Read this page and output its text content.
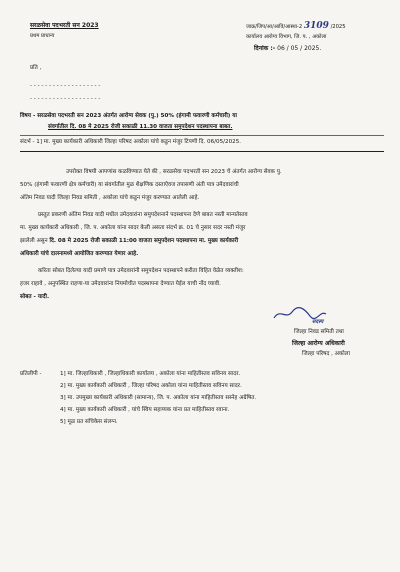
सरळसेवा पदभरती सन 2023
प्रथम प्राधान्य
जाक्र/जिप/आ/आवि/आस्था-2 3109 /2025
कार्यालय आरोग्य विभाग, जि. प. , अकोला
दिनांक :- 06 / 05 / 2025.
प्रति ,
- - - - - - - - - - - - - - - - - - -
- - - - - - - - - - - - - - - - - - -
विषय - सरळसेवा पदभरती सन 2023 अंतर्गत आरोग्य सेवक (पु.) 50% (हंगामी फवारणी कर्मचारी) या
संवर्गातील दि. 08 मे 2025 रोजी सकाळी 11.30 वाजता समुपदेशन पदस्थापना बाबत.
संदर्भ - 1] मा. मुख्य कार्यकारी अधिकारी जिल्हा परिषद अकोला यांचे कडुन मंजुर टिपणी दि. 06/05/2025.
उपरोक्त विषयी आपणांस कळविण्यात येते की , सरळसेवा पदभरती सन 2023 चे अंतर्गत आरोग्य सेवक पु.
50% (हंगामी फवारणी क्षेत्र कर्मचारी) या संवर्गातील मुळ शैक्षणिक दस्ताऐवज तपासणी अंती पात्र उमेदवारांची
अंतिम निवड यादी जिल्हा निवड समिती , अकोला यांचे कडुन मंजुर करण्यात आलेली आहे.
प्रस्तुत प्रकरणी अंतिम निवड यादी मधील उमेदवारांना समुपदेशनाने पदस्थापना देणे बाबत नस्ती मान्यतेस्तव
मा. मुख्य कार्यकारी अधिकारी , जि. प. अकोला यांना सादर केली असता संदर्भ क्र. 01 चे नुसार सदर नस्ती मंजुर
झालेली असुन दि. 08 मे 2025 रोजी सकाळी 11:00 वाजता समुपदेशन पदस्थापना मा. मुख्य कार्यकारी
अधिकारी यांचे दालनामध्ये आयोजित करण्यात येणार आहे.
करिता सोबत दिलेल्या यादी प्रमाणे पात्र उमेदवारांनी समुपदेशन पदस्थापने करीता विहित वेळेत व्यक्तीश:
हजर राहावे , अनुपस्थित राहणा-या उमेदवारांना नियमोचीत पदस्थापना देण्यात येईल याची नोंद घ्यावी.
सोबत - यादी.
सदस्य
जिल्हा निवड समिती तथा
जिल्हा आरोग्य अधिकारी
जिल्हा परिषद , अकोला
प्रतिलीपी -	1] मा. जिल्हाधिकारी , जिल्हाधिकारी कार्यालय , अकोला यांना माहितीस्तव सविनय सादर.
2] मा. मुख्य कार्यकारी अधिकारी , जिल्हा परिषद अकोला यांना माहितीस्तव सविनय सादर.
3] मा. उपमुख्य कार्यकारी अधिकारी (सामान्य), जि. प. अकोला यांना माहितीस्तव सस्नेह अग्रेषित.
4] मा. मुख्य कार्यकारी अधिकारी , यांचे स्विय सहाय्यक यांना प्रत माहितीस्तव रवाना.
5] मूळ प्रत संचिकेस संलग्न.
